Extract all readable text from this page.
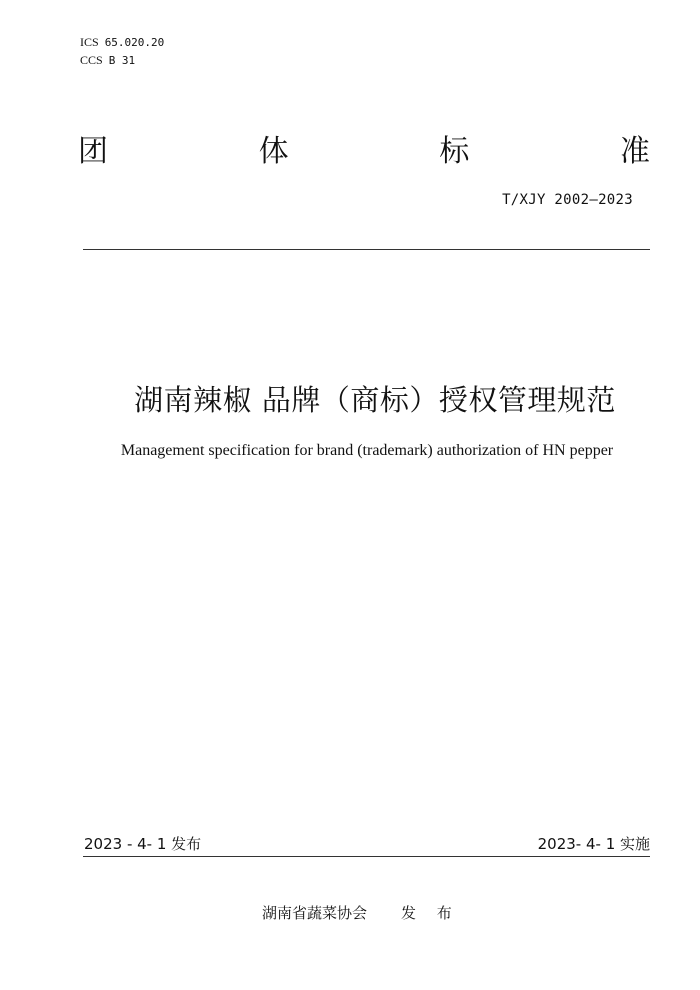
ICS 65.020.20
CCS B 31
团	体	标	准
T/XJY 2002—2023
湖南辣椒 品牌（商标）授权管理规范
Management specification for brand (trademark) authorization of HN pepper
2023 - 4- 1 发布	2023- 4- 1 实施
湖南省蔬菜协会 发 布
